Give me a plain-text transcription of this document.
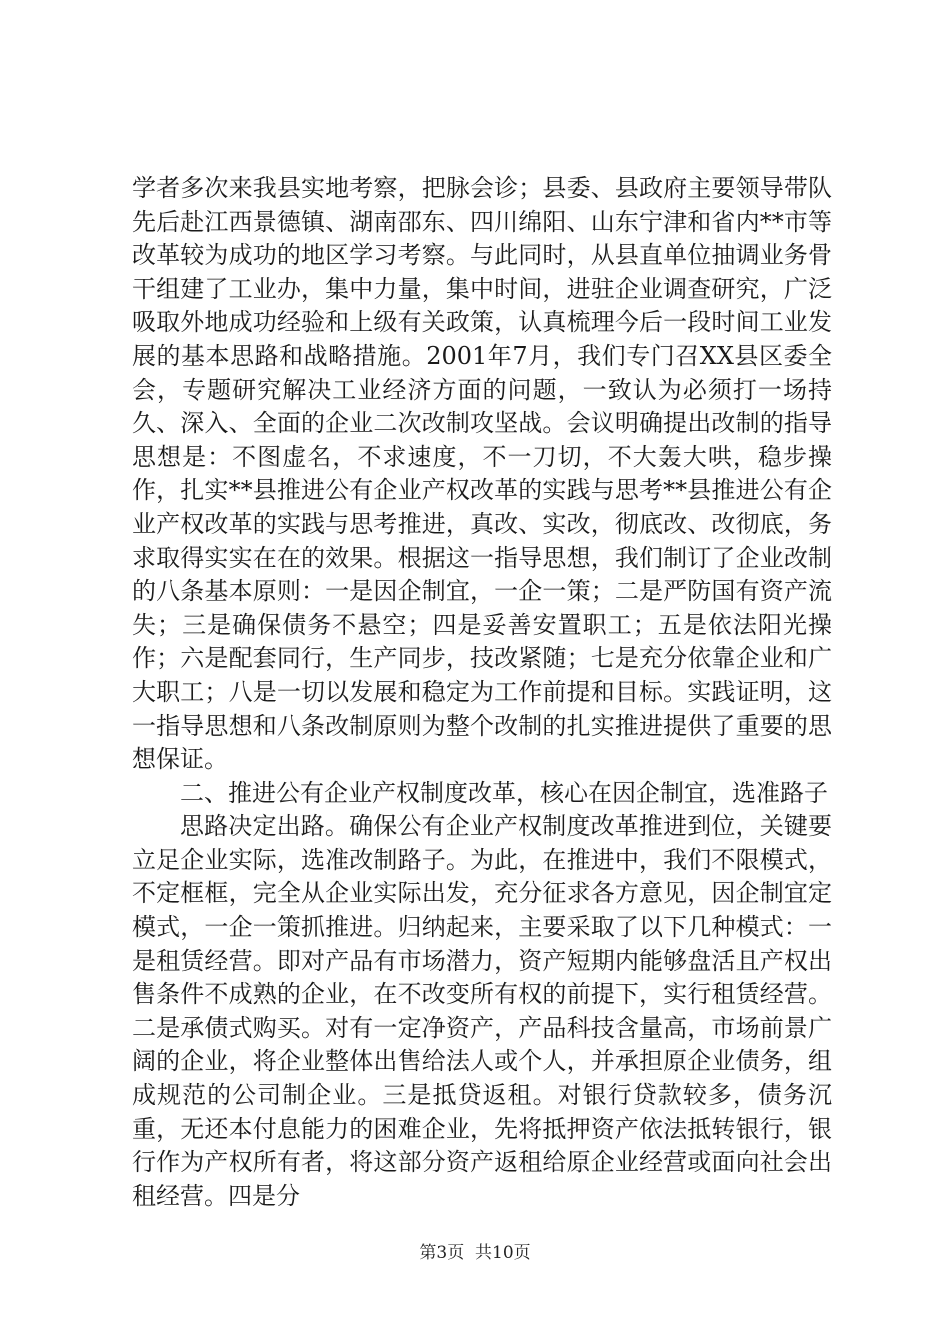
学者多次来我县实地考察，把脉会诊；县委、县政府主要领导带队先后赴江西景德镇、湖南邵东、四川绵阳、山东宁津和省内**市等改革较为成功的地区学习考察。与此同时，从县直单位抽调业务骨干组建了工业办，集中力量，集中时间，进驻企业调查研究，广泛吸取外地成功经验和上级有关政策，认真梳理今后一段时间工业发展的基本思路和战略措施。2001年7月，我们专门召XX县区委全会，专题研究解决工业经济方面的问题，一致认为必须打一场持久、深入、全面的企业二次改制攻坚战。会议明确提出改制的指导思想是：不图虚名，不求速度，不一刀切，不大轰大哄，稳步操作，扎实**县推进公有企业产权改革的实践与思考**县推进公有企业产权改革的实践与思考推进，真改、实改，彻底改、改彻底，务求取得实实在在的效果。根据这一指导思想，我们制订了企业改制的八条基本原则：一是因企制宜，一企一策；二是严防国有资产流失；三是确保债务不悬空；四是妥善安置职工；五是依法阳光操作；六是配套同行，生产同步，技改紧随；七是充分依靠企业和广大职工；八是一切以发展和稳定为工作前提和目标。实践证明，这一指导思想和八条改制原则为整个改制的扎实推进提供了重要的思想保证。

二、推进公有企业产权制度改革，核心在因企制宜，选准路子

思路决定出路。确保公有企业产权制度改革推进到位，关键要立足企业实际，选准改制路子。为此，在推进中，我们不限模式，不定框框，完全从企业实际出发，充分征求各方意见，因企制宜定模式，一企一策抓推进。归纳起来，主要采取了以下几种模式：一是租赁经营。即对产品有市场潜力，资产短期内能够盘活且产权出售条件不成熟的企业，在不改变所有权的前提下，实行租赁经营。二是承债式购买。对有一定净资产，产品科技含量高，市场前景广阔的企业，将企业整体出售给法人或个人，并承担原企业债务，组成规范的公司制企业。三是抵贷返租。对银行贷款较多，债务沉重，无还本付息能力的困难企业，先将抵押资产依法抵转银行，银行作为产权所有者，将这部分资产返租给原企业经营或面向社会出租经营。四是分

第3页  共10页
